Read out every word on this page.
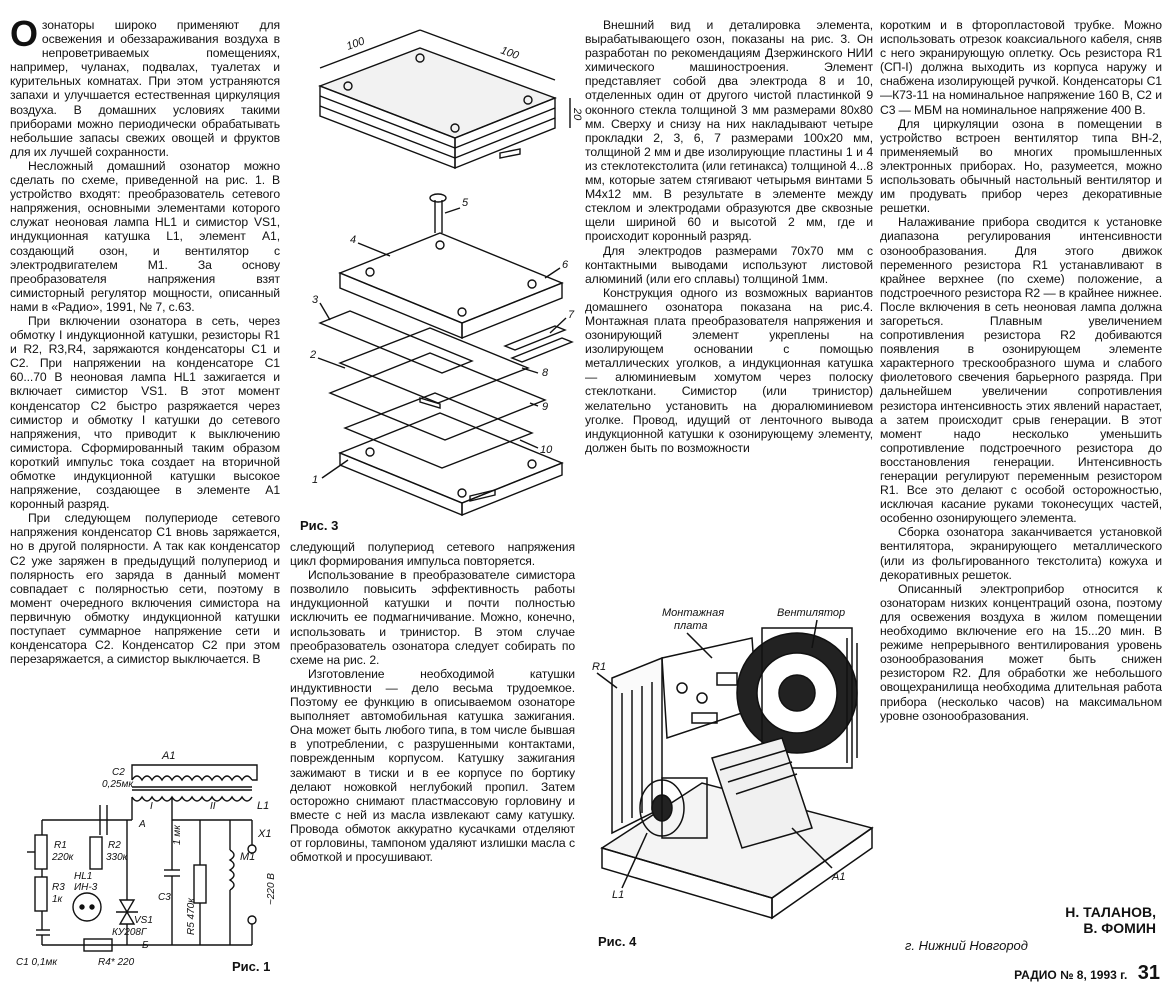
Озонаторы широко применяют для освежения и обеззараживания воздуха в непроветриваемых помещениях, например, чуланах, подвалах, туалетах и курительных комнатах. При этом устраняются запахи и улучшается естественная циркуляция воздуха. В домашних условиях такими приборами можно периодически обрабатывать небольшие запасы свежих овощей и фруктов для их лучшей сохранности.

Несложный домашний озонатор можно сделать по схеме, приведенной на рис. 1. В устройство входят: преобразователь сетевого напряжения, основными элементами которого служат неоновая лампа HL1 и симистор VS1, индукционная катушка L1, элемент A1, создающий озон, и вентилятор с электродвигателем M1. За основу преобразователя напряжения взят симисторный регулятор мощности, описанный нами в «Радио», 1991, № 7, с.63.

При включении озонатора в сеть, через обмотку I индукционной катушки, резисторы R1 и R2, R3,R4, заряжаются конденсаторы C1 и C2. При напряжении на конденсаторе C1 60...70 В неоновая лампа HL1 зажигается и включает симистор VS1. В этот момент конденсатор C2 быстро разряжается через симистор и обмотку I катушки до сетевого напряжения, что приводит к выключению симистора. Сформированный таким образом короткий импульс тока создает на вторичной обмотке индукционной катушки высокое напряжение, создающее в элементе A1 коронный разряд.

При следующем полупериоде сетевого напряжения конденсатор C1 вновь заряжается, но в другой полярности. А так как конденсатор C2 уже заряжен в предыдущий полупериод и полярность его заряда в данный момент совпадает с полярностью сети, поэтому в момент очередного включения симистора на первичную обмотку индукционной катушки поступает суммарное напряжение сети и конденсатора C2. Конденсатор C2 при этом перезаряжается, а симистор выключается. В

A1
C2
0,25мк
I	II	L1
А
R1
220к
R2
330к
R3
1к
HL1
ИН-3
VS1
КУ208Г
Б
R4* 220
C1 0,1мк
C3
1 мк
R5 470к
M1
X1
~220 В
Рис. 1
100
100
20
5
4
6
3
7
2
8
9
1
10
Рис. 3

следующий полупериод сетевого напряжения цикл формирования импульса повторяется.

Использование в преобразователе симистора позволило повысить эффективность работы индукционной катушки и почти полностью исключить ее подмагничивание. Можно, конечно, использовать и тринистор. В этом случае преобразователь озонатора следует собирать по схеме на рис. 2.

Изготовление необходимой катушки индуктивности — дело весьма трудоемкое. Поэтому ее функцию в описываемом озонаторе выполняет автомобильная катушка зажигания. Она может быть любого типа, в том числе бывшая в употреблении, с разрушенными контактами, поврежденным корпусом. Катушку зажигания зажимают в тиски и в ее корпусе по бортику делают ножовкой неглубокий пропил. Затем осторожно снимают пластмассовую горловину и вместе с ней из масла извлекают саму катушку. Провода обмоток аккуратно кусачками отделяют от горловины, тампоном удаляют излишки масла с обмоткой и просушивают.

Внешний вид и деталировка элемента, вырабатывающего озон, показаны на рис. 3. Он разработан по рекомендациям Дзержинского НИИ химического машиностроения. Элемент представляет собой два электрода 8 и 10, отделенных один от другого чистой пластинкой 9 оконного стекла толщиной 3 мм размерами 80x80 мм. Сверху и снизу на них накладывают четыре прокладки 2, 3, 6, 7 размерами 100x20 мм, толщиной 2 мм и две изолирующие пластины 1 и 4 из стеклотекстолита (или гетинакса) толщиной 4...8 мм, которые затем стягивают четырьмя винтами 5 М4x12 мм. В результате в элементе между стеклом и электродами образуются две сквозные щели шириной 60 и высотой 2 мм, где и происходит коронный разряд.

Для электродов размерами 70x70 мм с контактными выводами используют листовой алюминий (или его сплавы) толщиной 1мм.

Конструкция одного из возможных вариантов домашнего озонатора показана на рис.4. Монтажная плата преобразователя напряжения и озонирующий элемент укреплены на изолирующем основании с помощью металлических уголков, а индукционная катушка — алюминиевым хомутом через полоску стеклоткани. Симистор (или тринистор) желательно установить на дюралюминиевом уголке. Провод, идущий от ленточного вывода индукционной катушки к озонирующему элементу, должен быть по возможности

R1
Монтажная
плата
Вентилятор
L1
A1
Рис. 4

коротким и в фторопластовой трубке. Можно использовать отрезок коаксиального кабеля, сняв с него экранирующую оплетку. Ось резистора R1 (СП-I) должна выходить из корпуса наружу и снабжена изолирующей ручкой. Конденсаторы C1—К73-11 на номинальное напряжение 160 В, C2 и C3 — МБМ на номинальное напряжение 400 В.

Для циркуляции озона в помещении в устройство встроен вентилятор типа ВН-2, применяемый во многих промышленных электронных приборах. Но, разумеется, можно использовать обычный настольный вентилятор и им продувать прибор через декоративные решетки.

Налаживание прибора сводится к установке диапазона регулирования интенсивности озонообразования. Для этого движок переменного резистора R1 устанавливают в крайнее верхнее (по схеме) положение, а подстроечного резистора R2 — в крайнее нижнее. После включения в сеть неоновая лампа должна загореться. Плавным увеличением сопротивления резистора R2 добиваются появления в озонирующем элементе характерного трескообразного шума и слабого фиолетового свечения барьерного разряда. При дальнейшем увеличении сопротивления резистора интенсивность этих явлений нарастает, а затем происходит срыв генерации. В этот момент надо несколько уменьшить сопротивление подстроечного резистора до восстановления генерации. Интенсивность генерации регулируют переменным резистором R1. Все это делают с особой осторожностью, исключая касание руками токонесущих частей, особенно озонирующего элемента.

Сборка озонатора заканчивается установкой вентилятора, экранирующего металлического (или из фольгированного текстолита) кожуха и декоративных решеток.

Описанный электроприбор относится к озонаторам низких концентраций озона, поэтому для освежения воздуха в жилом помещении необходимо включение его на 15...20 мин. В режиме непрерывного вентилирования уровень озонообразования может быть снижен резистором R2. Для обработки же небольшого овощехранилища необходима длительная работа прибора (несколько часов) на максимальном уровне озонообразования.

Н. ТАЛАНОВ,
В. ФОМИН
г. Нижний Новгород
РАДИО № 8, 1993 г. 31
